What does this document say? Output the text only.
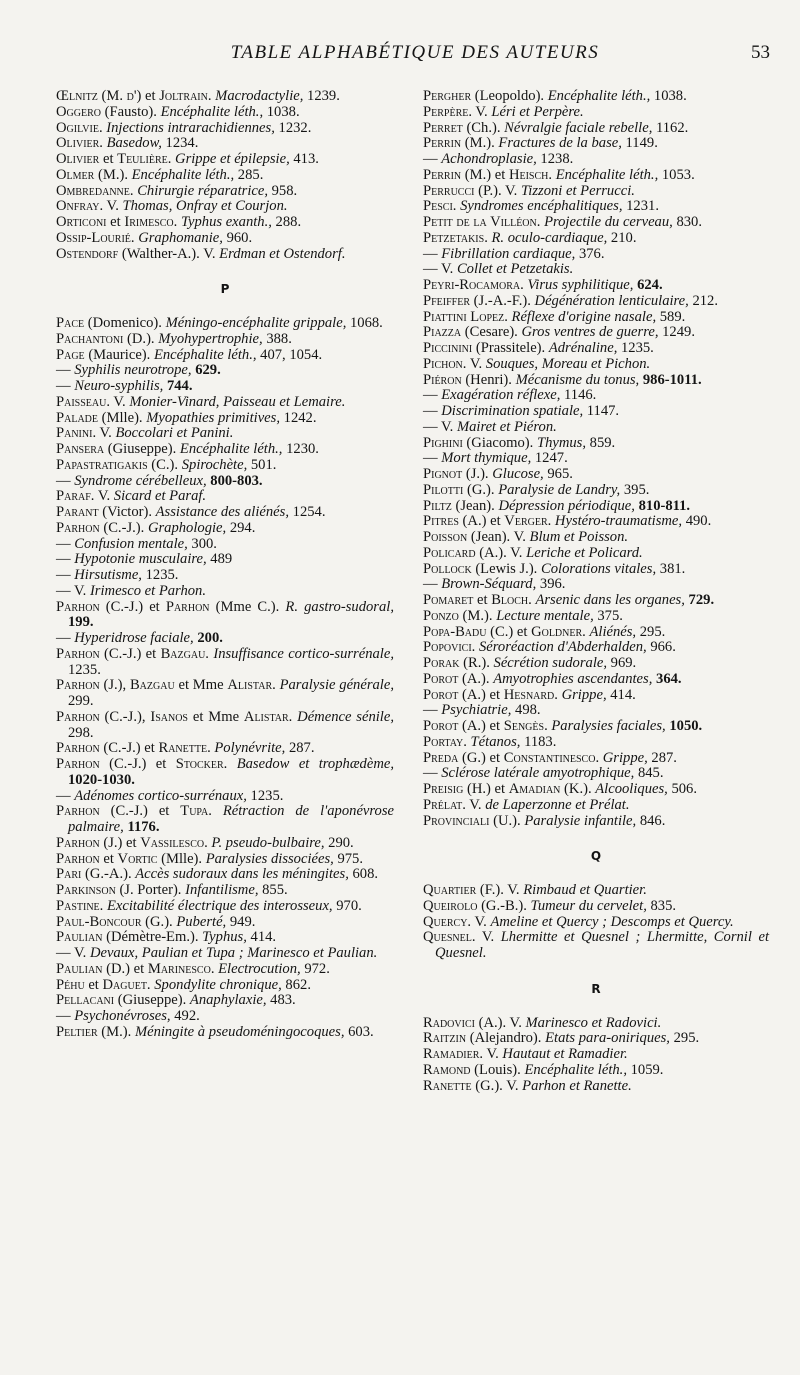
TABLE ALPHABÉTIQUE DES AUTEURS	53

Œlnitz (M. d') et Joltrain. Macrodactylie, 1239.

Oggero (Fausto). Encéphalite léth., 1038.

Ogilvie. Injections intrarachidiennes, 1232.

Olivier. Basedow, 1234.

Olivier et Teulière. Grippe et épilepsie, 413.

Olmer (M.). Encéphalite léth., 285.

Ombredanne. Chirurgie réparatrice, 958.

Onfray. V. Thomas, Onfray et Courjon.

Orticoni et Irimesco. Typhus exanth., 288.

Ossip-Lourié. Graphomanie, 960.

Ostendorf (Walther-A.). V. Erdman et Ostendorf.

P

Pace (Domenico). Méningo-encéphalite grippale, 1068.

Pachantoni (D.). Myohypertrophie, 388.

Page (Maurice). Encéphalite léth., 407, 1054.

— Syphilis neurotrope, 629.

— Neuro-syphilis, 744.

Paisseau. V. Monier-Vinard, Paisseau et Lemaire.

Palade (Mlle). Myopathies primitives, 1242.

Panini. V. Boccolari et Panini.

Pansera (Giuseppe). Encéphalite léth., 1230.

Papastratigakis (C.). Spirochète, 501.

— Syndrome cérébelleux, 800-803.

Paraf. V. Sicard et Paraf.

Parant (Victor). Assistance des aliénés, 1254.

Parhon (C.-J.). Graphologie, 294.

— Confusion mentale, 300.

— Hypotonie musculaire, 489

— Hirsutisme, 1235.

— V. Irimesco et Parhon.

Parhon (C.-J.) et Parhon (Mme C.). R. gastro-sudoral, 199.

— Hyperidrose faciale, 200.

Parhon (C.-J.) et Bazgau. Insuffisance cortico-surrénale, 1235.

Parhon (J.), Bazgau et Mme Alistar. Paralysie générale, 299.

Parhon (C.-J.), Isanos et Mme Alistar. Démence sénile, 298.

Parhon (C.-J.) et Ranette. Polynévrite, 287.

Parhon (C.-J.) et Stocker. Basedow et trophædème, 1020-1030.

— Adénomes cortico-surrénaux, 1235.

Parhon (C.-J.) et Tupa. Rétraction de l'aponévrose palmaire, 1176.

Parhon (J.) et Vassilesco. P. pseudo-bulbaire, 290.

Parhon et Vortic (Mlle). Paralysies dissociées, 975.

Pari (G.-A.). Accès sudoraux dans les méningites, 608.

Parkinson (J. Porter). Infantilisme, 855.

Pastine. Excitabilité électrique des interosseux, 970.

Paul-Boncour (G.). Puberté, 949.

Paulian (Démètre-Em.). Typhus, 414.

— V. Devaux, Paulian et Tupa ; Marinesco et Paulian.

Paulian (D.) et Marinesco. Electrocution, 972.

Péhu et Daguet. Spondylite chronique, 862.

Pellacani (Giuseppe). Anaphylaxie, 483.

— Psychonévroses, 492.

Peltier (M.). Méningite à pseudoméningocoques, 603.

Pergher (Leopoldo). Encéphalite léth., 1038.

Perpère. V. Léri et Perpère.

Perret (Ch.). Névralgie faciale rebelle, 1162.

Perrin (M.). Fractures de la base, 1149.

— Achondroplasie, 1238.

Perrin (M.) et Heisch. Encéphalite léth., 1053.

Perrucci (P.). V. Tizzoni et Perrucci.

Pesci. Syndromes encéphalitiques, 1231.

Petit de la Villéon. Projectile du cerveau, 830.

Petzetakis. R. oculo-cardiaque, 210.

— Fibrillation cardiaque, 376.

— V. Collet et Petzetakis.

Peyri-Rocamora. Virus syphilitique, 624.

Pfeiffer (J.-A.-F.). Dégénération lenticulaire, 212.

Piattini Lopez. Réflexe d'origine nasale, 589.

Piazza (Cesare). Gros ventres de guerre, 1249.

Piccinini (Prassitele). Adrénaline, 1235.

Pichon. V. Souques, Moreau et Pichon.

Piéron (Henri). Mécanisme du tonus, 986-1011.

— Exagération réflexe, 1146.

— Discrimination spatiale, 1147.

— V. Mairet et Piéron.

Pighini (Giacomo). Thymus, 859.

— Mort thymique, 1247.

Pignot (J.). Glucose, 965.

Pilotti (G.). Paralysie de Landry, 395.

Piltz (Jean). Dépression périodique, 810-811.

Pitres (A.) et Verger. Hystéro-traumatisme, 490.

Poisson (Jean). V. Blum et Poisson.

Policard (A.). V. Leriche et Policard.

Pollock (Lewis J.). Colorations vitales, 381.

— Brown-Séquard, 396.

Pomaret et Bloch. Arsenic dans les organes, 729.

Ponzo (M.). Lecture mentale, 375.

Popa-Badu (C.) et Goldner. Aliénés, 295.

Popovici. Séroréaction d'Abderhalden, 966.

Porak (R.). Sécrétion sudorale, 969.

Porot (A.). Amyotrophies ascendantes, 364.

Porot (A.) et Hesnard. Grippe, 414.

— Psychiatrie, 498.

Porot (A.) et Sengès. Paralysies faciales, 1050.

Portay. Tétanos, 1183.

Preda (G.) et Constantinesco. Grippe, 287.

— Sclérose latérale amyotrophique, 845.

Preisig (H.) et Amadian (K.). Alcooliques, 506.

Prélat. V. de Laperzonne et Prélat.

Provinciali (U.). Paralysie infantile, 846.

Q

Quartier (F.). V. Rimbaud et Quartier.

Queirolo (G.-B.). Tumeur du cervelet, 835.

Quercy. V. Ameline et Quercy ; Descomps et Quercy.

Quesnel. V. Lhermitte et Quesnel ; Lhermitte, Cornil et Quesnel.

R

Radovici (A.). V. Marinesco et Radovici.

Raitzin (Alejandro). Etats para-oniriques, 295.

Ramadier. V. Hautaut et Ramadier.

Ramond (Louis). Encéphalite léth., 1059.

Ranette (G.). V. Parhon et Ranette.
